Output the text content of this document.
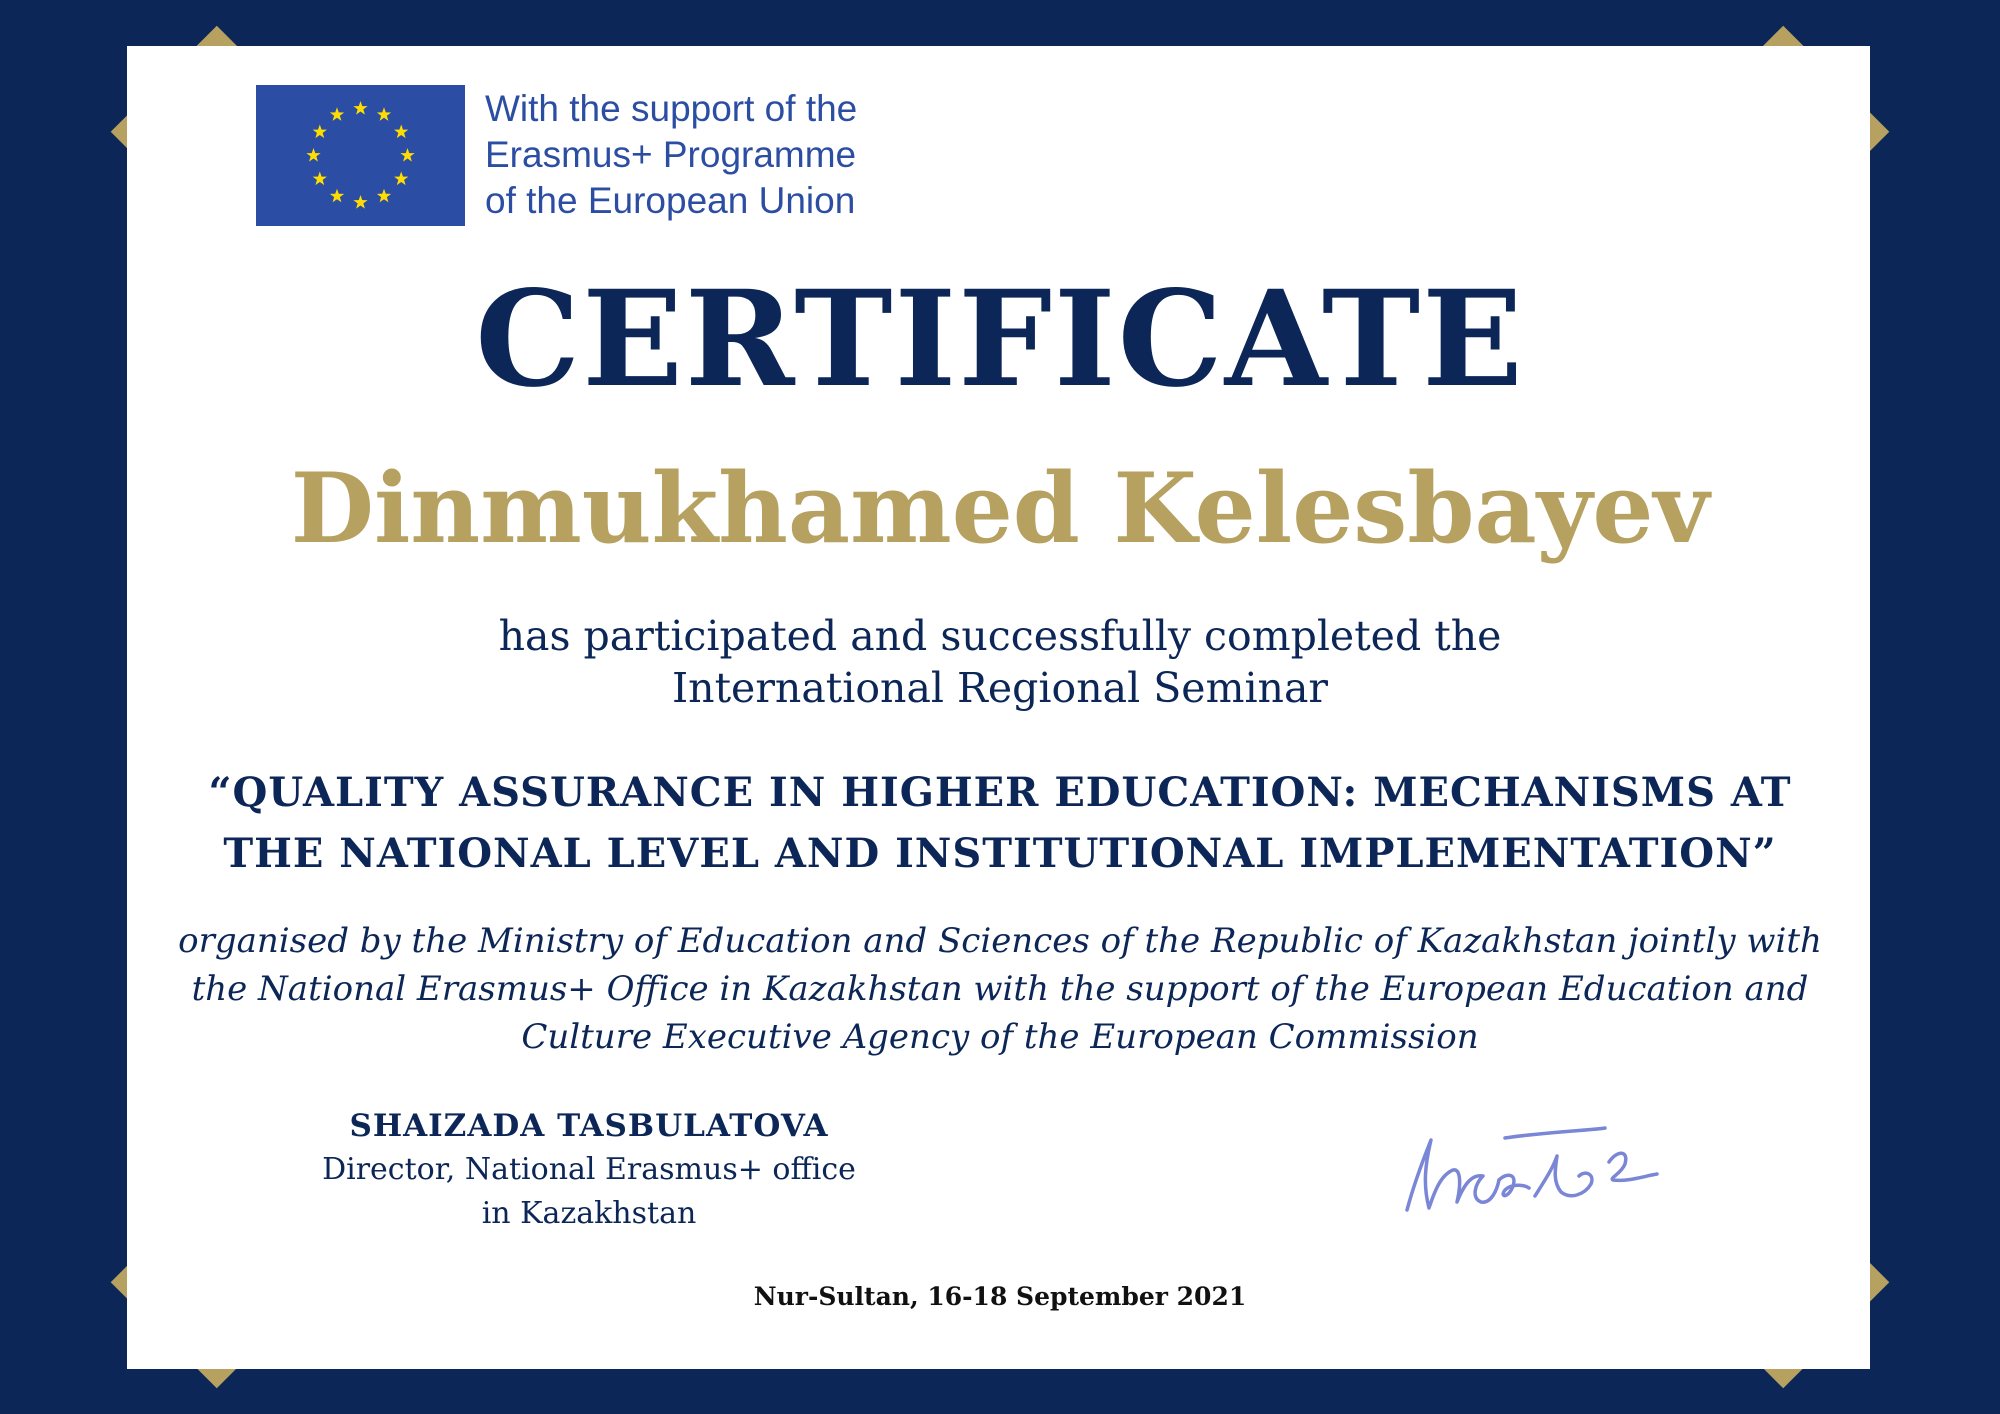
With the support of the
Erasmus+ Programme
of the European Union
CERTIFICATE
Dinmukhamed Kelesbayev
has participated and successfully completed the
International Regional Seminar
“QUALITY ASSURANCE IN HIGHER EDUCATION: MECHANISMS AT
THE NATIONAL LEVEL AND INSTITUTIONAL IMPLEMENTATION”
organised by the Ministry of Education and Sciences of the Republic of Kazakhstan jointly with
the National Erasmus+ Office in Kazakhstan with the support of the European Education and
Culture Executive Agency of the European Commission
SHAIZADA TASBULATOVA
Director, National Erasmus+ office
in Kazakhstan
Nur-Sultan, 16-18 September 2021
